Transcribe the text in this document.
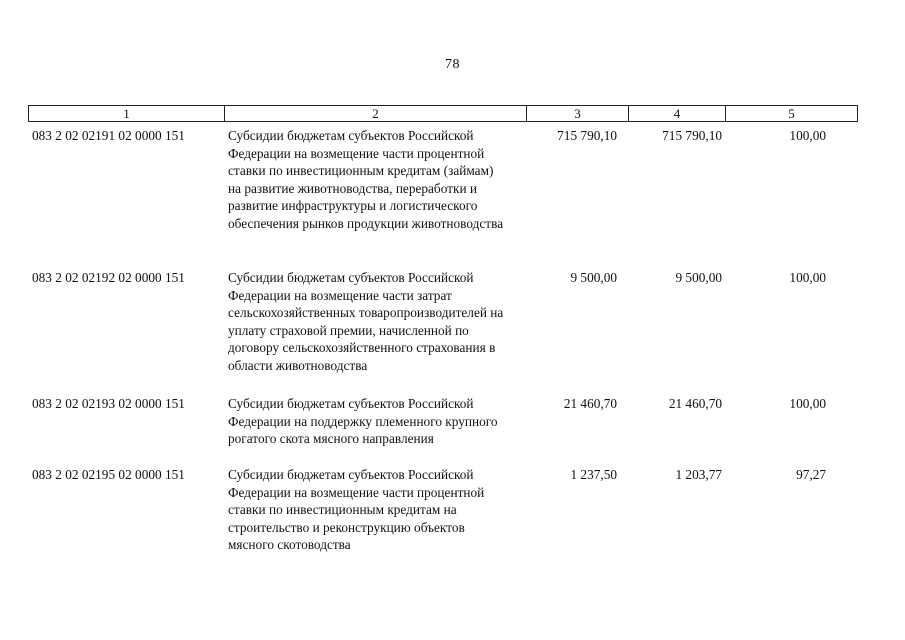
78
1	2	3	4	5
083 2 02 02191 02 0000 151	Субсидии бюджетам субъектов Российской
Федерации на возмещение части процентной
ставки по инвестиционным кредитам (займам)
на развитие животноводства, переработки и
развитие инфраструктуры и логистического
обеспечения рынков продукции животноводства
715 790,10	715 790,10	100,00
083 2 02 02192 02 0000 151	Субсидии бюджетам субъектов Российской
Федерации на возмещение части затрат
сельскохозяйственных товаропроизводителей на
уплату страховой премии, начисленной по
договору сельскохозяйственного страхования в
области животноводства
9 500,00	9 500,00	100,00
083 2 02 02193 02 0000 151	Субсидии бюджетам субъектов Российской
Федерации на поддержку племенного крупного
рогатого скота мясного направления
21 460,70	21 460,70	100,00
083 2 02 02195 02 0000 151	Субсидии бюджетам субъектов Российской
Федерации на возмещение части процентной
ставки по инвестиционным кредитам на
строительство и реконструкцию объектов
мясного скотоводства
1 237,50	1 203,77	97,27
